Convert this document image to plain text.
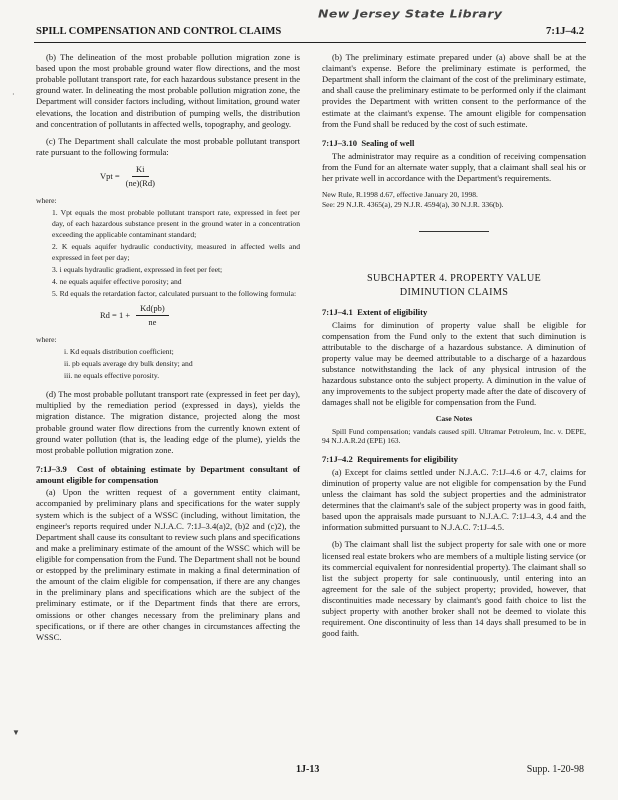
New Jersey State Library
SPILL COMPENSATION AND CONTROL CLAIMS	7:1J–4.2
·
▼

(b) The delineation of the most probable pollution migration zone is based upon the most probable ground water flow directions, and the most probable pollutant transport rate, for each hazardous substance present in the ground water. In delineating the most probable pollution migration zone, the Department will consider factors including, without limitation, ground water elevations, the location and distribution of pumping wells, the distribution and concentration of pollutants in affected wells, topography, and geology.

(c) The Department shall calculate the most probable pollutant transport rate pursuant to the following formula:

Vpt = $\frac{Ki}{(ne)(Rd)}$
where:
1. Vpt equals the most probable pollutant transport rate, expressed in feet per day, of each hazardous substance present in the ground water in a concentration exceeding the applicable contaminant standard;
2. K equals aquifer hydraulic conductivity, measured in affected wells and expressed in feet per day;
3. i equals hydraulic gradient, expressed in feet per feet;
4. ne equals aquifer effective porosity; and
5. Rd equals the retardation factor, calculated pursuant to the following formula:
$Rd = 1 + \frac{Kd(pb)}{ne}$
where:
i. Kd equals distribution coefficient;
ii. pb equals average dry bulk density; and
iii. ne equals effective porosity.

(d) The most probable pollutant transport rate (expressed in feet per day), multiplied by the remediation period (expressed in days), yields the migration distance. The migration distance, projected along the most probable ground water flow directions from the currently known extent of ground water pollution (that is, the leading edge of the plume), yields the most probable pollution migration zone.

7:1J–3.9 Cost of obtaining estimate by Department consultant of amount eligible for compensation

(a) Upon the written request of a government entity claimant, accompanied by preliminary plans and specifications for the water supply system which is the subject of a WSSC (including, without limitation, the engineer's reports required under N.J.A.C. 7:1J–3.4(a)2, (b)2 and (c)2), the Department shall cause its consultant to review such plans and specifications and make a preliminary estimate of the amount of the WSSC which will be eligible for compensation from the Fund. The Department shall not be bound or estopped by the preliminary estimate in making a final determination of the amount of the claim eligible for compensation, if there are any changes in the preliminary plans and specifications which are the subject of the preliminary estimate, or if the Department finds that there are errors, omissions or other changes necessary from the preliminary plans and specifications, or if there are other changes in circumstances affecting the WSSC.

(b) The preliminary estimate prepared under (a) above shall be at the claimant's expense. Before the preliminary estimate is performed, the Department shall inform the claimant of the cost of the preliminary estimate, and shall cause the preliminary estimate to be performed only if the claimant provides the Department with written consent to the performance of the estimate at the claimant's expense. The amount eligible for compensation from the Fund shall be reduced by the cost of such estimate.

7:1J–3.10 Sealing of well

The administrator may require as a condition of receiving compensation from the Fund for an alternate water supply, that a claimant shall seal his or her private well in accordance with the Department's requirements.

New Rule, R.1998 d.67, effective January 20, 1998.
See: 29 N.J.R. 4365(a), 29 N.J.R. 4594(a), 30 N.J.R. 336(b).
SUBCHAPTER 4. PROPERTY VALUE
DIMINUTION CLAIMS
7:1J–4.1 Extent of eligibility

Claims for diminution of property value shall be eligible for compensation from the Fund only to the extent that such diminution is attributable to the discharge of a hazardous substance. A diminution of property value may be deemed attributable to a discharge of a hazardous substance notwithstanding the lack of any physical intrusion of the hazardous substance onto the subject property. A diminution in the value of any improvements to the subject property made after the date of discovery of damages shall not be eligible for compensation from the Fund.

Case Notes

Spill Fund compensation; vandals caused spill. Ultramar Petroleum, Inc. v. DEPE, 94 N.J.A.R.2d (EPE) 163.

7:1J–4.2 Requirements for eligibility

(a) Except for claims settled under N.J.A.C. 7:1J–4.6 or 4.7, claims for diminution of property value are not eligible for compensation by the Fund unless the claimant has sold the subject properties and the administrator determines that the claimant's sale of the subject property was in good faith, based upon the appraisals made pursuant to N.J.A.C. 7:1J–4.3, 4.4 and the information submitted pursuant to N.J.A.C. 7:1J–4.5.

(b) The claimant shall list the subject property for sale with one or more licensed real estate brokers who are members of a multiple listing service (or its commercial equivalent for nonresidential property). The claimant shall so list the subject property for sale continuously, until entering into an agreement for the sale of the subject property; provided, however, that discontinuities made necessary by claimant's good faith choice to list the subject property with another broker shall not be deemed to violate this requirement. One discontinuity of less than 14 days shall presumed to be in good faith.

1J-13	Supp. 1-20-98
